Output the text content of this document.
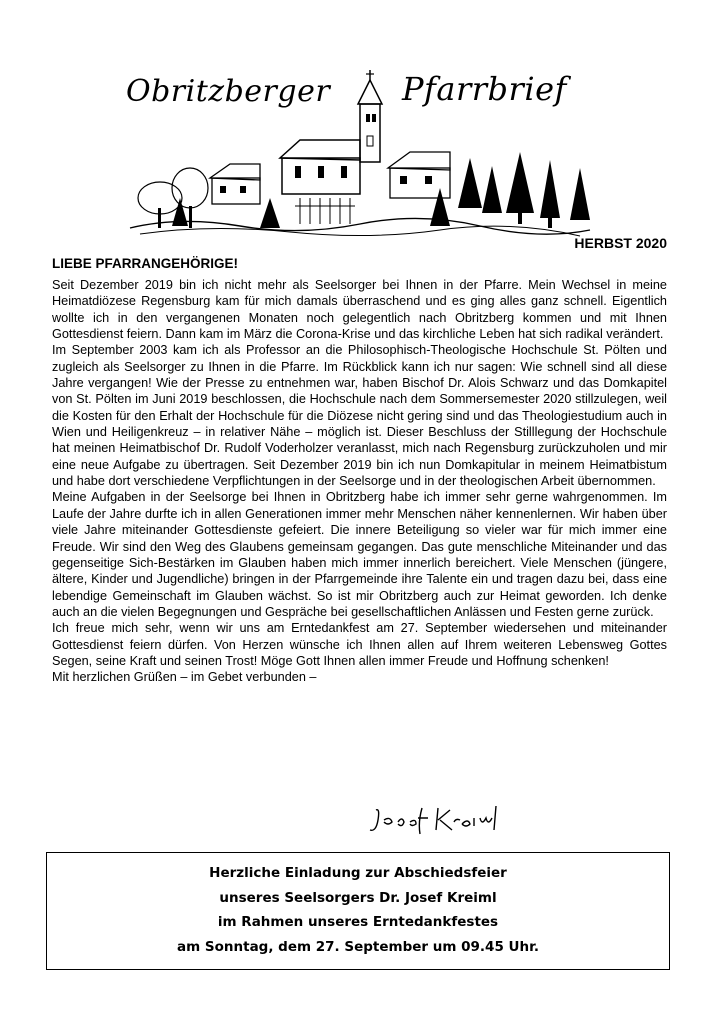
Obritzberger Pfarrbrief
HERBST 2020
LIEBE PFARRANGEHÖRIGE!

Seit Dezember 2019 bin ich nicht mehr als Seelsorger bei Ihnen in der Pfarre. Mein Wechsel in meine Heimatdiözese Regensburg kam für mich damals überraschend und es ging alles ganz schnell. Eigentlich wollte ich in den vergangenen Monaten noch gelegentlich nach Obritzberg kommen und mit Ihnen Gottesdienst feiern. Dann kam im März die Corona-Krise und das kirchliche Leben hat sich radikal verändert.

Im September 2003 kam ich als Professor an die Philosophisch-Theologische Hochschule St. Pölten und zugleich als Seelsorger zu Ihnen in die Pfarre. Im Rückblick kann ich nur sagen: Wie schnell sind all diese Jahre vergangen! Wie der Presse zu entnehmen war, haben Bischof Dr. Alois Schwarz und das Domkapitel von St. Pölten im Juni 2019 beschlossen, die Hochschule nach dem Sommersemester 2020 stillzulegen, weil die Kosten für den Erhalt der Hochschule für die Diözese nicht gering sind und das Theologiestudium auch in Wien und Heiligenkreuz – in relativer Nähe – möglich ist. Dieser Beschluss der Stilllegung der Hochschule hat meinen Heimatbischof Dr. Rudolf Voderholzer veranlasst, mich nach Regensburg zurückzuholen und mir eine neue Aufgabe zu übertragen. Seit Dezember 2019 bin ich nun Domkapitular in meinem Heimatbistum und habe dort verschiedene Verpflichtungen in der Seelsorge und in der theologischen Arbeit übernommen.

Meine Aufgaben in der Seelsorge bei Ihnen in Obritzberg habe ich immer sehr gerne wahrgenommen. Im Laufe der Jahre durfte ich in allen Generationen immer mehr Menschen näher kennenlernen. Wir haben über viele Jahre miteinander Gottesdienste gefeiert. Die innere Beteiligung so vieler war für mich immer eine Freude. Wir sind den Weg des Glaubens gemeinsam gegangen. Das gute menschliche Miteinander und das gegenseitige Sich-Bestärken im Glauben haben mich immer innerlich bereichert. Viele Menschen (jüngere, ältere, Kinder und Jugendliche) bringen in der Pfarrgemeinde ihre Talente ein und tragen dazu bei, dass eine lebendige Gemeinschaft im Glauben wächst. So ist mir Obritzberg auch zur Heimat geworden. Ich denke auch an die vielen Begegnungen und Gespräche bei gesellschaftlichen Anlässen und Festen gerne zurück.

Ich freue mich sehr, wenn wir uns am Erntedankfest am 27. September wiedersehen und miteinander Gottesdienst feiern dürfen. Von Herzen wünsche ich Ihnen allen auf Ihrem weiteren Lebensweg Gottes Segen, seine Kraft und seinen Trost! Möge Gott Ihnen allen immer Freude und Hoffnung schenken!

Mit herzlichen Grüßen – im Gebet verbunden –

Herzliche Einladung zur Abschiedsfeier
unseres Seelsorgers Dr. Josef Kreiml
im Rahmen unseres Erntedankfestes
am Sonntag, dem 27. September um 09.45 Uhr.
